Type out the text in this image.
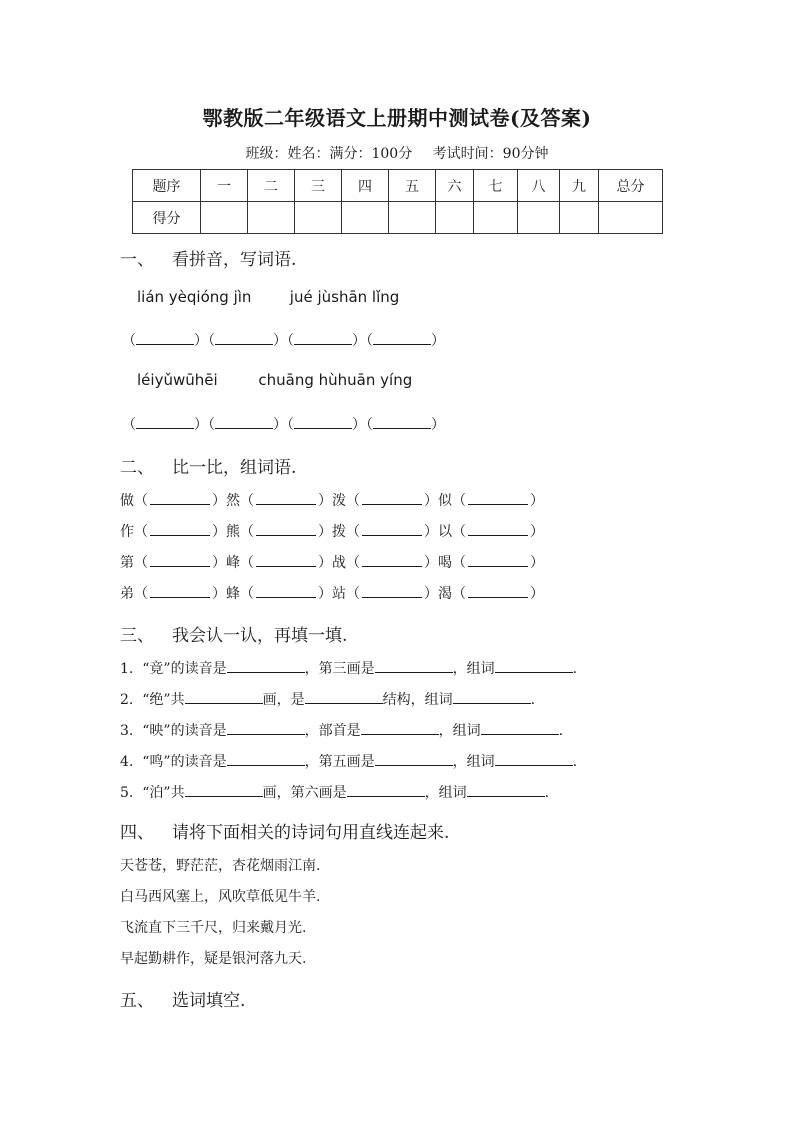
鄂教版二年级语文上册期中测试卷(及答案)
班级：姓名：满分：100分 考试时间：90分钟
题序	一	二	三	四	五	六	七	八	九	总分
得分										
一、 看拼音，写词语.
lián yèqióng jìn	jué jùshān lǐng
（	）（	）（	）（	）
léiyǔwūhēi	chuāng hùhuān yíng
（	）（	）（	）（	）
二、 比一比，组词语.
做（	）然（	）泼（	）似（	）
作（	）熊（	）拨（	）以（	）
第（	）峰（	）战（	）喝（	）
弟（	）蜂（	）站（	）渴（	）
三、 我会认一认，再填一填.
1.  “竟”的读音是	，第三画是	，组词	.
2.  “绝”共	画，是	结构，组词	.
3.  “映”的读音是	，部首是	，组词	.
4.  “鸣”的读音是	，第五画是	，组词	.
5.  “泊”共	画，第六画是	，组词	.
四、 请将下面相关的诗词句用直线连起来.
天苍苍，野茫茫，杏花烟雨江南.
白马西风塞上，风吹草低见牛羊.
飞流直下三千尺，归来戴月光.
早起勤耕作，疑是银河落九天.
五、 选词填空.
